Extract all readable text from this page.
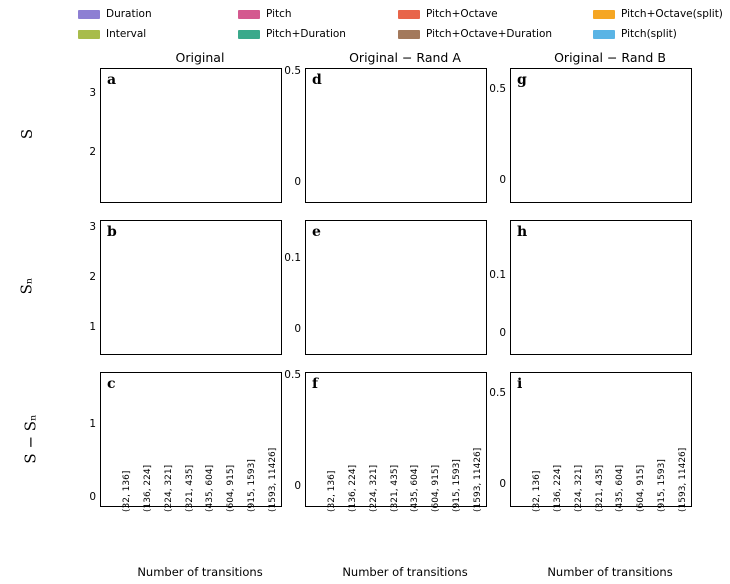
Duration	Pitch	Pitch+Octave	Pitch+Octave(split)
Interval	Pitch+Duration	Pitch+Octave+Duration	Pitch(split)
Original	Original − Rand A	Original − Rand B
S
Sₙ
S − Sₙ
Number of transitions	Number of transitions	Number of transitions
a
2
3
d
0
0.5
g
0
0.5
b
1
2
3	e
0
0.1
h
0
0.1
c
0
1
(32, 136] (136, 224] (224, 321] (321, 435] (435, 604] (604, 915] (915, 1593] (1593, 11426]
f
0
0.5
(32, 136] (136, 224] (224, 321] (321, 435] (435, 604] (604, 915] (915, 1593] (1593, 11426]
i
0
0.5
(32, 136] (136, 224] (224, 321] (321, 435] (435, 604] (604, 915] (915, 1593] (1593, 11426]
